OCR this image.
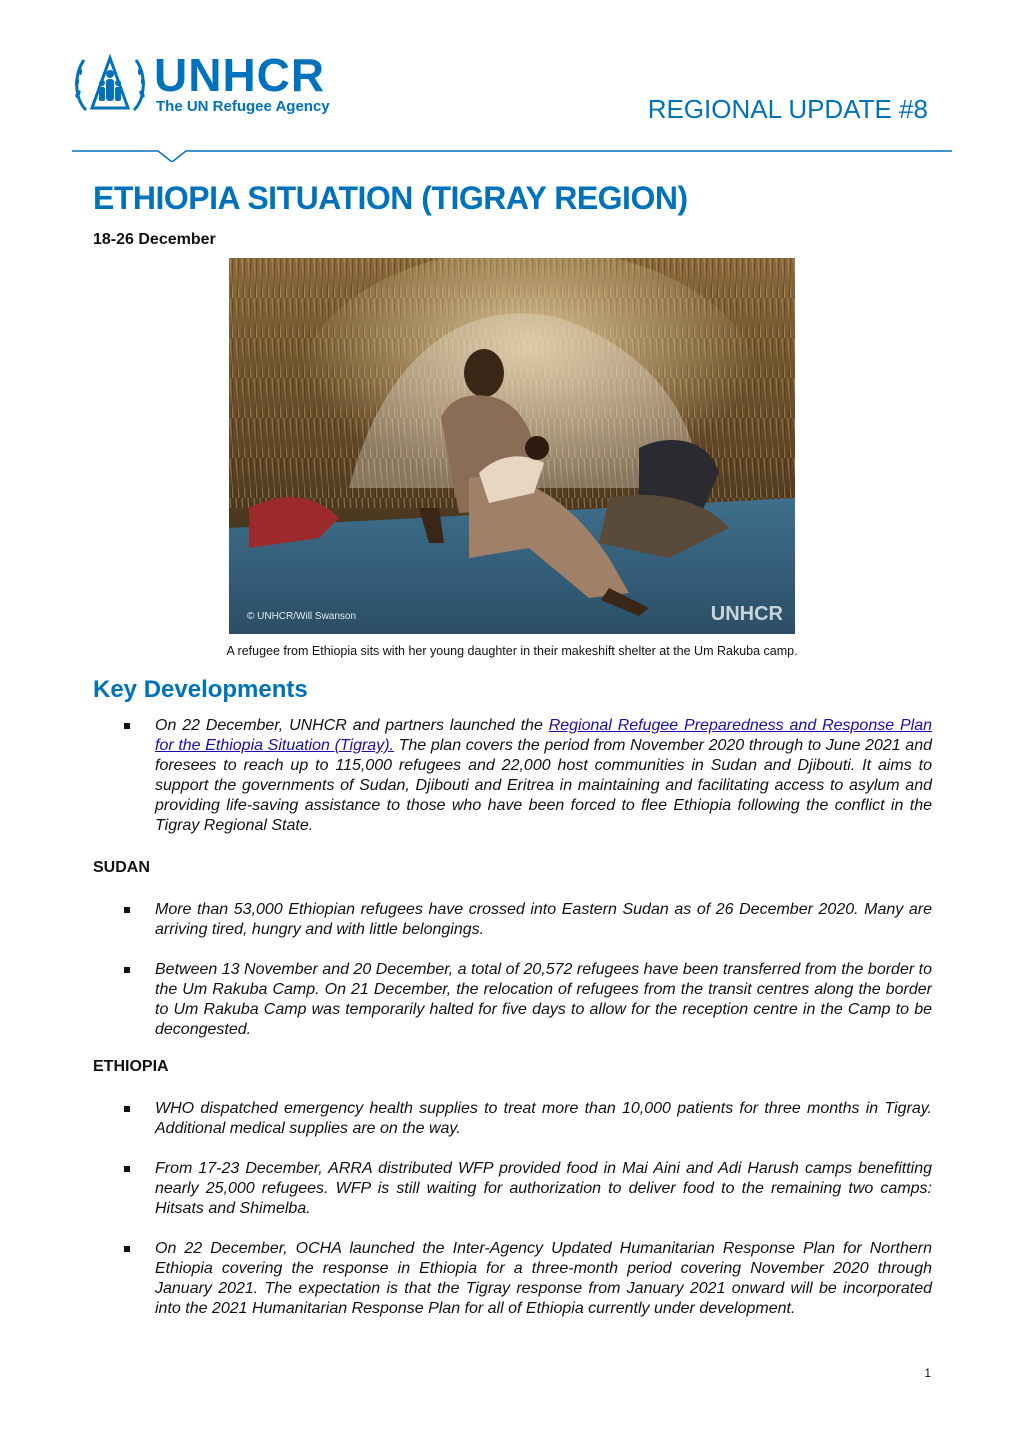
UNHCR
The UN Refugee Agency	REGIONAL UPDATE #8
ETHIOPIA SITUATION (TIGRAY REGION)
18-26 December
© UNHCR/Will Swanson	UNHCR
A refugee from Ethiopia sits with her young daughter in their makeshift shelter at the Um Rakuba camp.
Key Developments
On 22 December, UNHCR and partners launched the Regional Refugee Preparedness and Response Plan for the Ethiopia Situation (Tigray). The plan covers the period from November 2020 through to June 2021 and foresees to reach up to 115,000 refugees and 22,000 host communities in Sudan and Djibouti. It aims to support the governments of Sudan, Djibouti and Eritrea in maintaining and facilitating access to asylum and providing life-saving assistance to those who have been forced to flee Ethiopia following the conflict in the Tigray Regional State.
SUDAN
More than 53,000 Ethiopian refugees have crossed into Eastern Sudan as of 26 December 2020. Many are arriving tired, hungry and with little belongings.
Between 13 November and 20 December, a total of 20,572 refugees have been transferred from the border to the Um Rakuba Camp. On 21 December, the relocation of refugees from the transit centres along the border to Um Rakuba Camp was temporarily halted for five days to allow for the reception centre in the Camp to be decongested.
ETHIOPIA
WHO dispatched emergency health supplies to treat more than 10,000 patients for three months in Tigray. Additional medical supplies are on the way.
From 17-23 December, ARRA distributed WFP provided food in Mai Aini and Adi Harush camps benefitting nearly 25,000 refugees. WFP is still waiting for authorization to deliver food to the remaining two camps: Hitsats and Shimelba.
On 22 December, OCHA launched the Inter-Agency Updated Humanitarian Response Plan for Northern Ethiopia covering the response in Ethiopia for a three-month period covering November 2020 through January 2021. The expectation is that the Tigray response from January 2021 onward will be incorporated into the 2021 Humanitarian Response Plan for all of Ethiopia currently under development.
1
